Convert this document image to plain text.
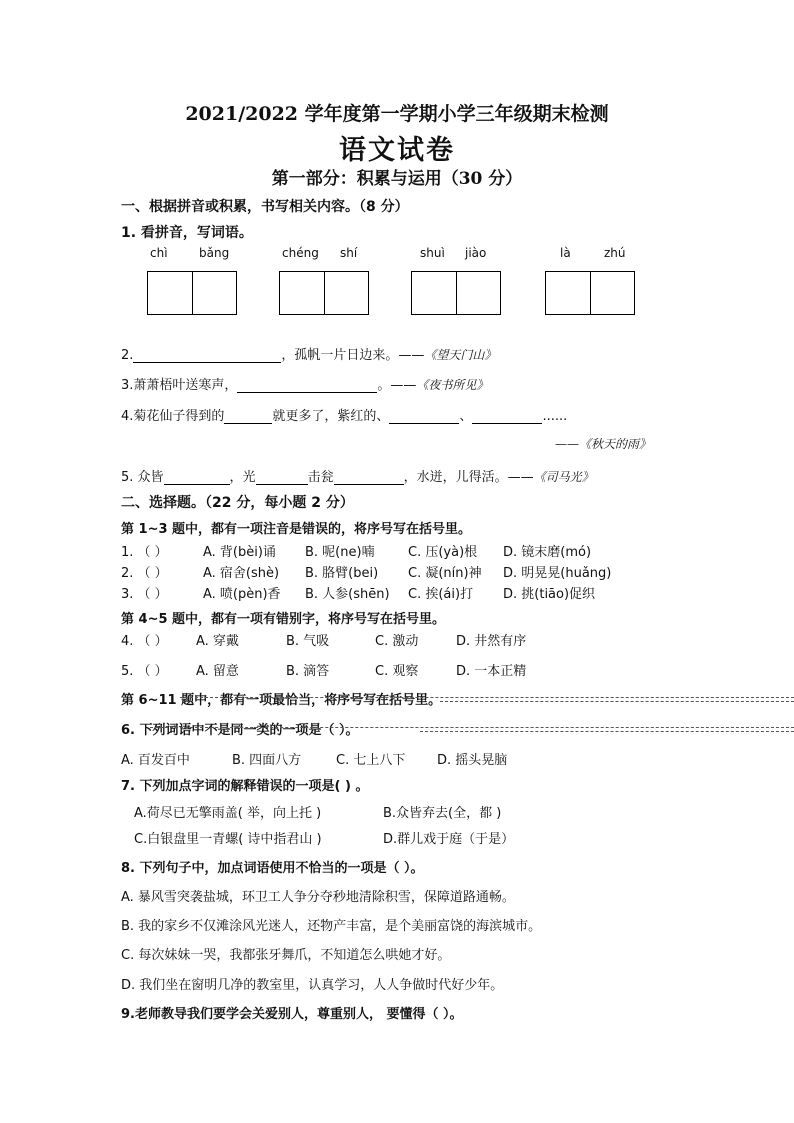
2021/2022 学年度第一学期小学三年级期末检测
语文试卷
第一部分：积累与运用（30 分）
一、根据拼音或积累，书写相关内容。（8 分）
1. 看拼音，写词语。
chì	bǎng	chéng shí	shuì jiào	là	zhú
2.	，孤帆一片日边来。——《望天门山》
3.萧萧梧叶送寒声，	。——《夜书所见》
4.菊花仙子得到的	就更多了，紫红的、	、	......
——《秋天的雨》
5. 众皆	，光	击瓮	，水迸，儿得活。——《司马光》
二、选择题。（22 分，每小题 2 分）
第 1~3 题中，都有一项注音是错误的，将序号写在括号里。
1. （ ）	A. 背(bèi)诵 B. 呢(ne)喃	C. 压(yà)根 D. 镜末磨(mó)
2. （ ）	A. 宿舍(shè) B. 胳臂(bei) C. 凝(nín)神 D. 明晃晃(huǎng)
3. （ ）	A. 喷(pèn)香 B. 人参(shēn) C. 挨(ái)打 D. 挑(tiāo)促织
第 4~5 题中，都有一项有错别字，将序号写在括号里。
4. （ ） A. 穿戴	B. 气吸	C. 激动	D. 井然有序
5. （ ） A. 留意	B. 滴答	C. 观察	D. 一本正精
第 6~11 题中，都有一项最恰当，将序号写在括号里。
6. 下列词语中不是同一类的一项是（ ）。
A. 百发百中	B. 四面八方	C. 七上八下 D. 摇头晃脑
7. 下列加点字词的解释错误的一项是( ) 。
A.荷尽已无擎雨盖( 举，向上托 )	B.众皆弃去(全，都 )
C.白银盘里一青螺( 诗中指君山 )	D.群儿戏于庭（于是）
8. 下列句子中，加点词语使用不恰当的一项是（ ）。
A. 暴风雪突袭盐城，环卫工人争分夺秒地清除积雪，保障道路通畅。
B. 我的家乡不仅滩涂风光迷人，还物产丰富，是个美丽富饶的海滨城市。
C. 每次妹妹一哭，我都张牙舞爪，不知道怎么哄她才好。
D. 我们坐在窗明几净的教室里，认真学习，人人争做时代好少年。
9.老师教导我们要学会关爱别人，尊重别人， 要懂得（ ）。
